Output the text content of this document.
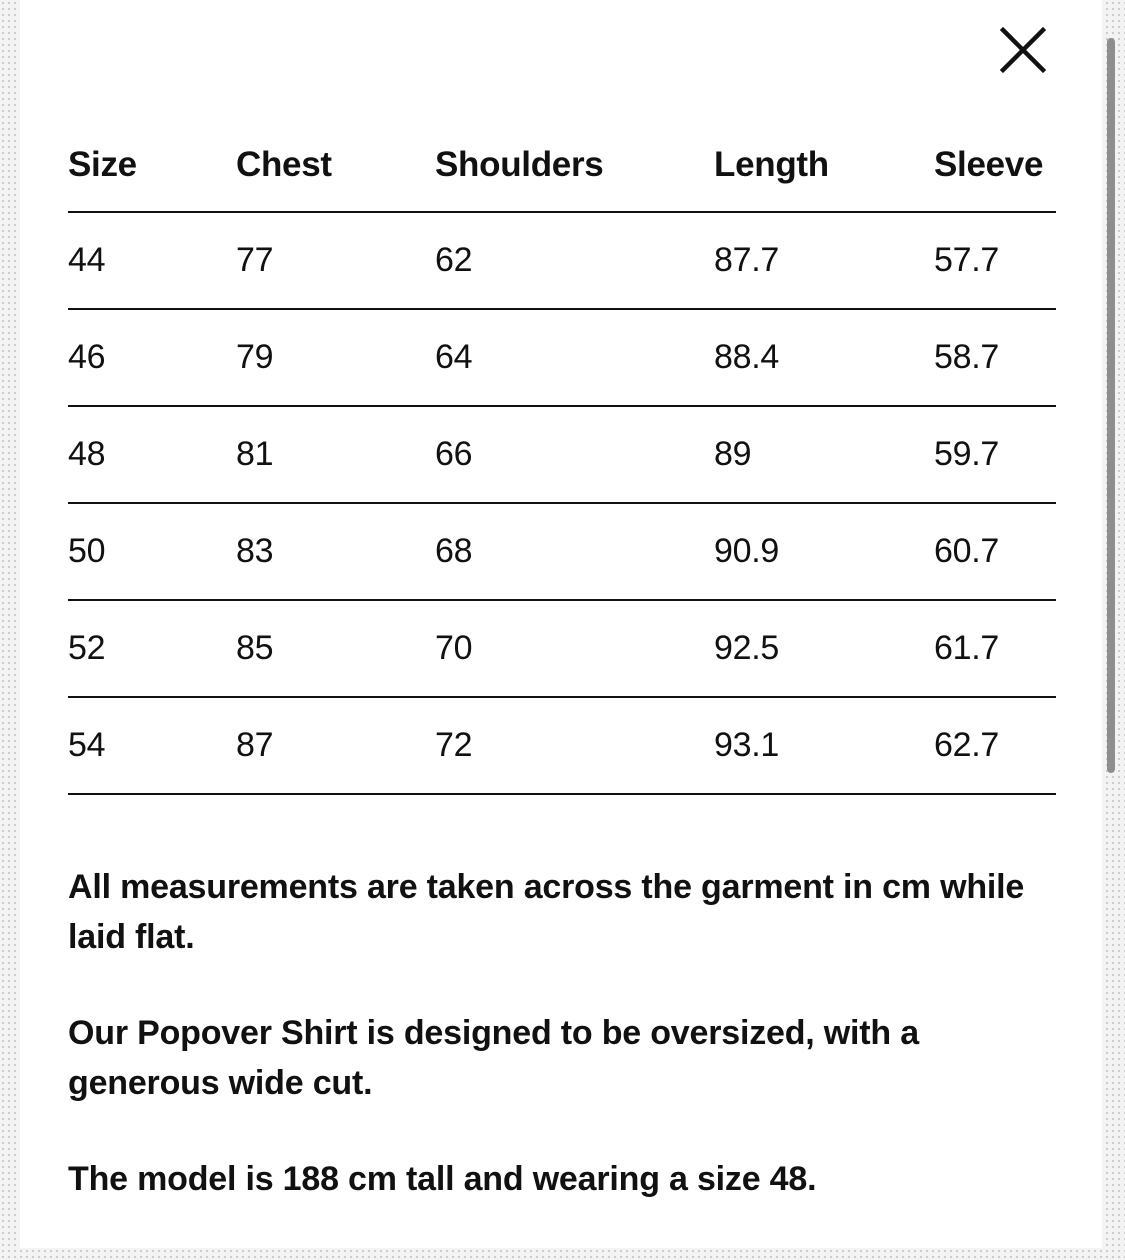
Size	Chest	Shoulders	Length	Sleeve
44	77	62	87.7	57.7
46	79	64	88.4	58.7
48	81	66	89	59.7
50	83	68	90.9	60.7
52	85	70	92.5	61.7
54	87	72	93.1	62.7

All measurements are taken across the garment in cm while laid flat.

Our Popover Shirt is designed to be oversized, with a generous wide cut.

The model is 188 cm tall and wearing a size 48.
